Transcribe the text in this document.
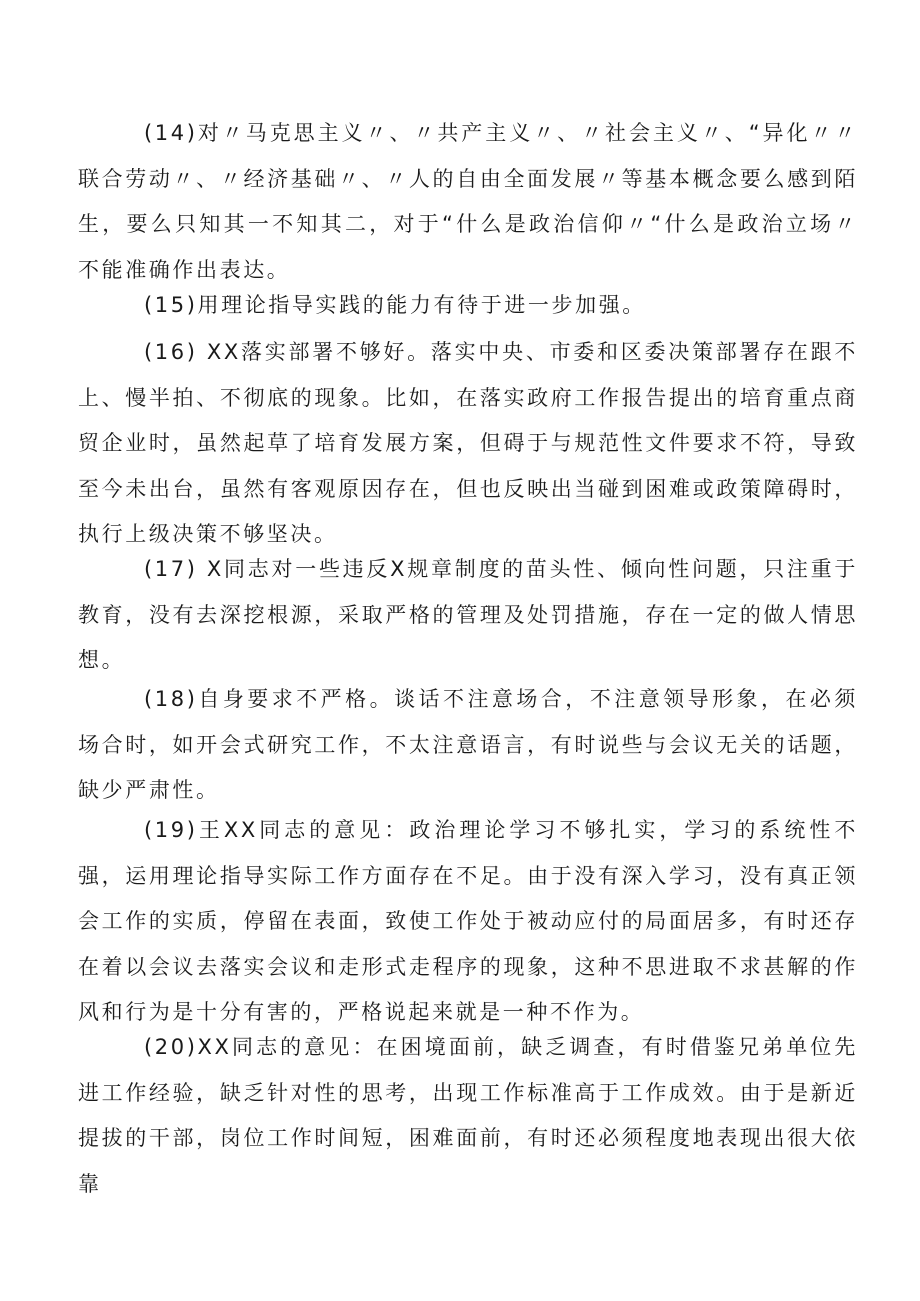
(14)对〃马克思主义〃、〃共产主义〃、〃社会主义〃、“异化〃〃联合劳动〃、〃经济基础〃、〃人的自由全面发展〃等基本概念要么感到陌生，要么只知其一不知其二，对于“什么是政治信仰〃“什么是政治立场〃不能准确作出表达。

(15)用理论指导实践的能力有待于进一步加强。

(16) XX落实部署不够好。落实中央、市委和区委决策部署存在跟不上、慢半拍、不彻底的现象。比如，在落实政府工作报告提出的培育重点商贸企业时，虽然起草了培育发展方案，但碍于与规范性文件要求不符，导致至今未出台，虽然有客观原因存在，但也反映出当碰到困难或政策障碍时，执行上级决策不够坚决。

(17) X同志对一些违反X规章制度的苗头性、倾向性问题，只注重于教育，没有去深挖根源，采取严格的管理及处罚措施，存在一定的做人情思想。

(18)自身要求不严格。谈话不注意场合，不注意领导形象，在必须场合时，如开会式研究工作，不太注意语言，有时说些与会议无关的话题，缺少严肃性。

(19)王XX同志的意见：政治理论学习不够扎实，学习的系统性不强，运用理论指导实际工作方面存在不足。由于没有深入学习，没有真正领会工作的实质，停留在表面，致使工作处于被动应付的局面居多，有时还存在着以会议去落实会议和走形式走程序的现象，这种不思进取不求甚解的作风和行为是十分有害的，严格说起来就是一种不作为。

(20)XX同志的意见：在困境面前，缺乏调查，有时借鉴兄弟单位先进工作经验，缺乏针对性的思考，出现工作标准高于工作成效。由于是新近提拔的干部，岗位工作时间短，困难面前，有时还必须程度地表现出很大依靠
